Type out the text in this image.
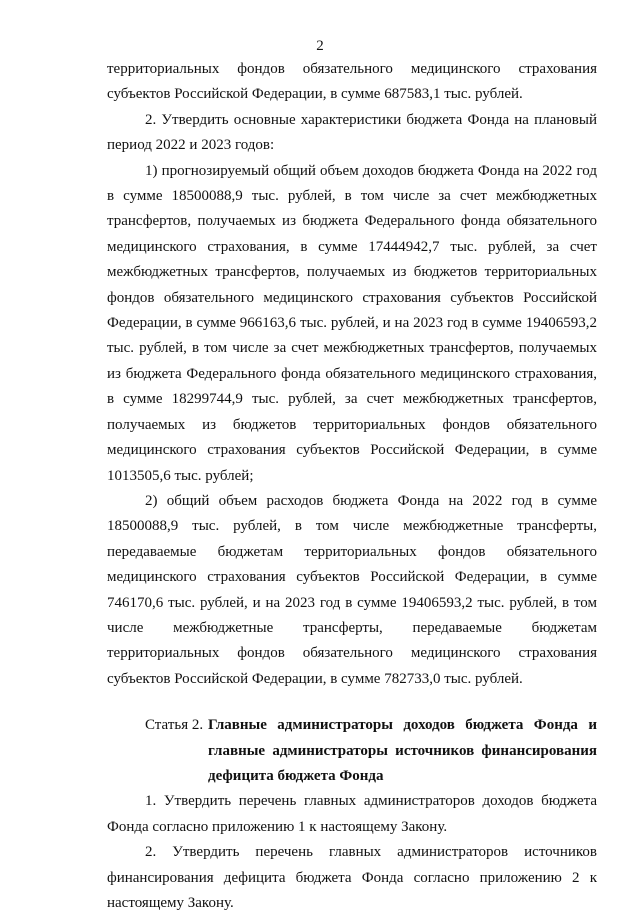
2

территориальных фондов обязательного медицинского страхования субъектов Российской Федерации, в сумме 687583,1 тыс. рублей.

2. Утвердить основные характеристики бюджета Фонда на плановый период 2022 и 2023 годов:

1) прогнозируемый общий объем доходов бюджета Фонда на 2022 год в сумме 18500088,9 тыс. рублей, в том числе за счет межбюджетных трансфертов, получаемых из бюджета Федерального фонда обязательного медицинского страхования, в сумме 17444942,7 тыс. рублей, за счет межбюджетных трансфертов, получаемых из бюджетов территориальных фондов обязательного медицинского страхования субъектов Российской Федерации, в сумме 966163,6 тыс. рублей, и на 2023 год в сумме 19406593,2 тыс. рублей, в том числе за счет межбюджетных трансфертов, получаемых из бюджета Федерального фонда обязательного медицинского страхования, в сумме 18299744,9 тыс. рублей, за счет межбюджетных трансфертов, получаемых из бюджетов территориальных фондов обязательного медицинского страхования субъектов Российской Федерации, в сумме 1013505,6 тыс. рублей;

2) общий объем расходов бюджета Фонда на 2022 год в сумме 18500088,9 тыс. рублей, в том числе межбюджетные трансферты, передаваемые бюджетам территориальных фондов обязательного медицинского страхования субъектов Российской Федерации, в сумме 746170,6 тыс. рублей, и на 2023 год в сумме 19406593,2 тыс. рублей, в том числе межбюджетные трансферты, передаваемые бюджетам территориальных фондов обязательного медицинского страхования субъектов Российской Федерации, в сумме 782733,0 тыс. рублей.

Статья 2. Главные администраторы доходов бюджета Фонда и главные администраторы источников финансирования дефицита бюджета Фонда

1. Утвердить перечень главных администраторов доходов бюджета Фонда согласно приложению 1 к настоящему Закону.

2. Утвердить перечень главных администраторов источников финансирования дефицита бюджета Фонда согласно приложению 2 к настоящему Закону.
